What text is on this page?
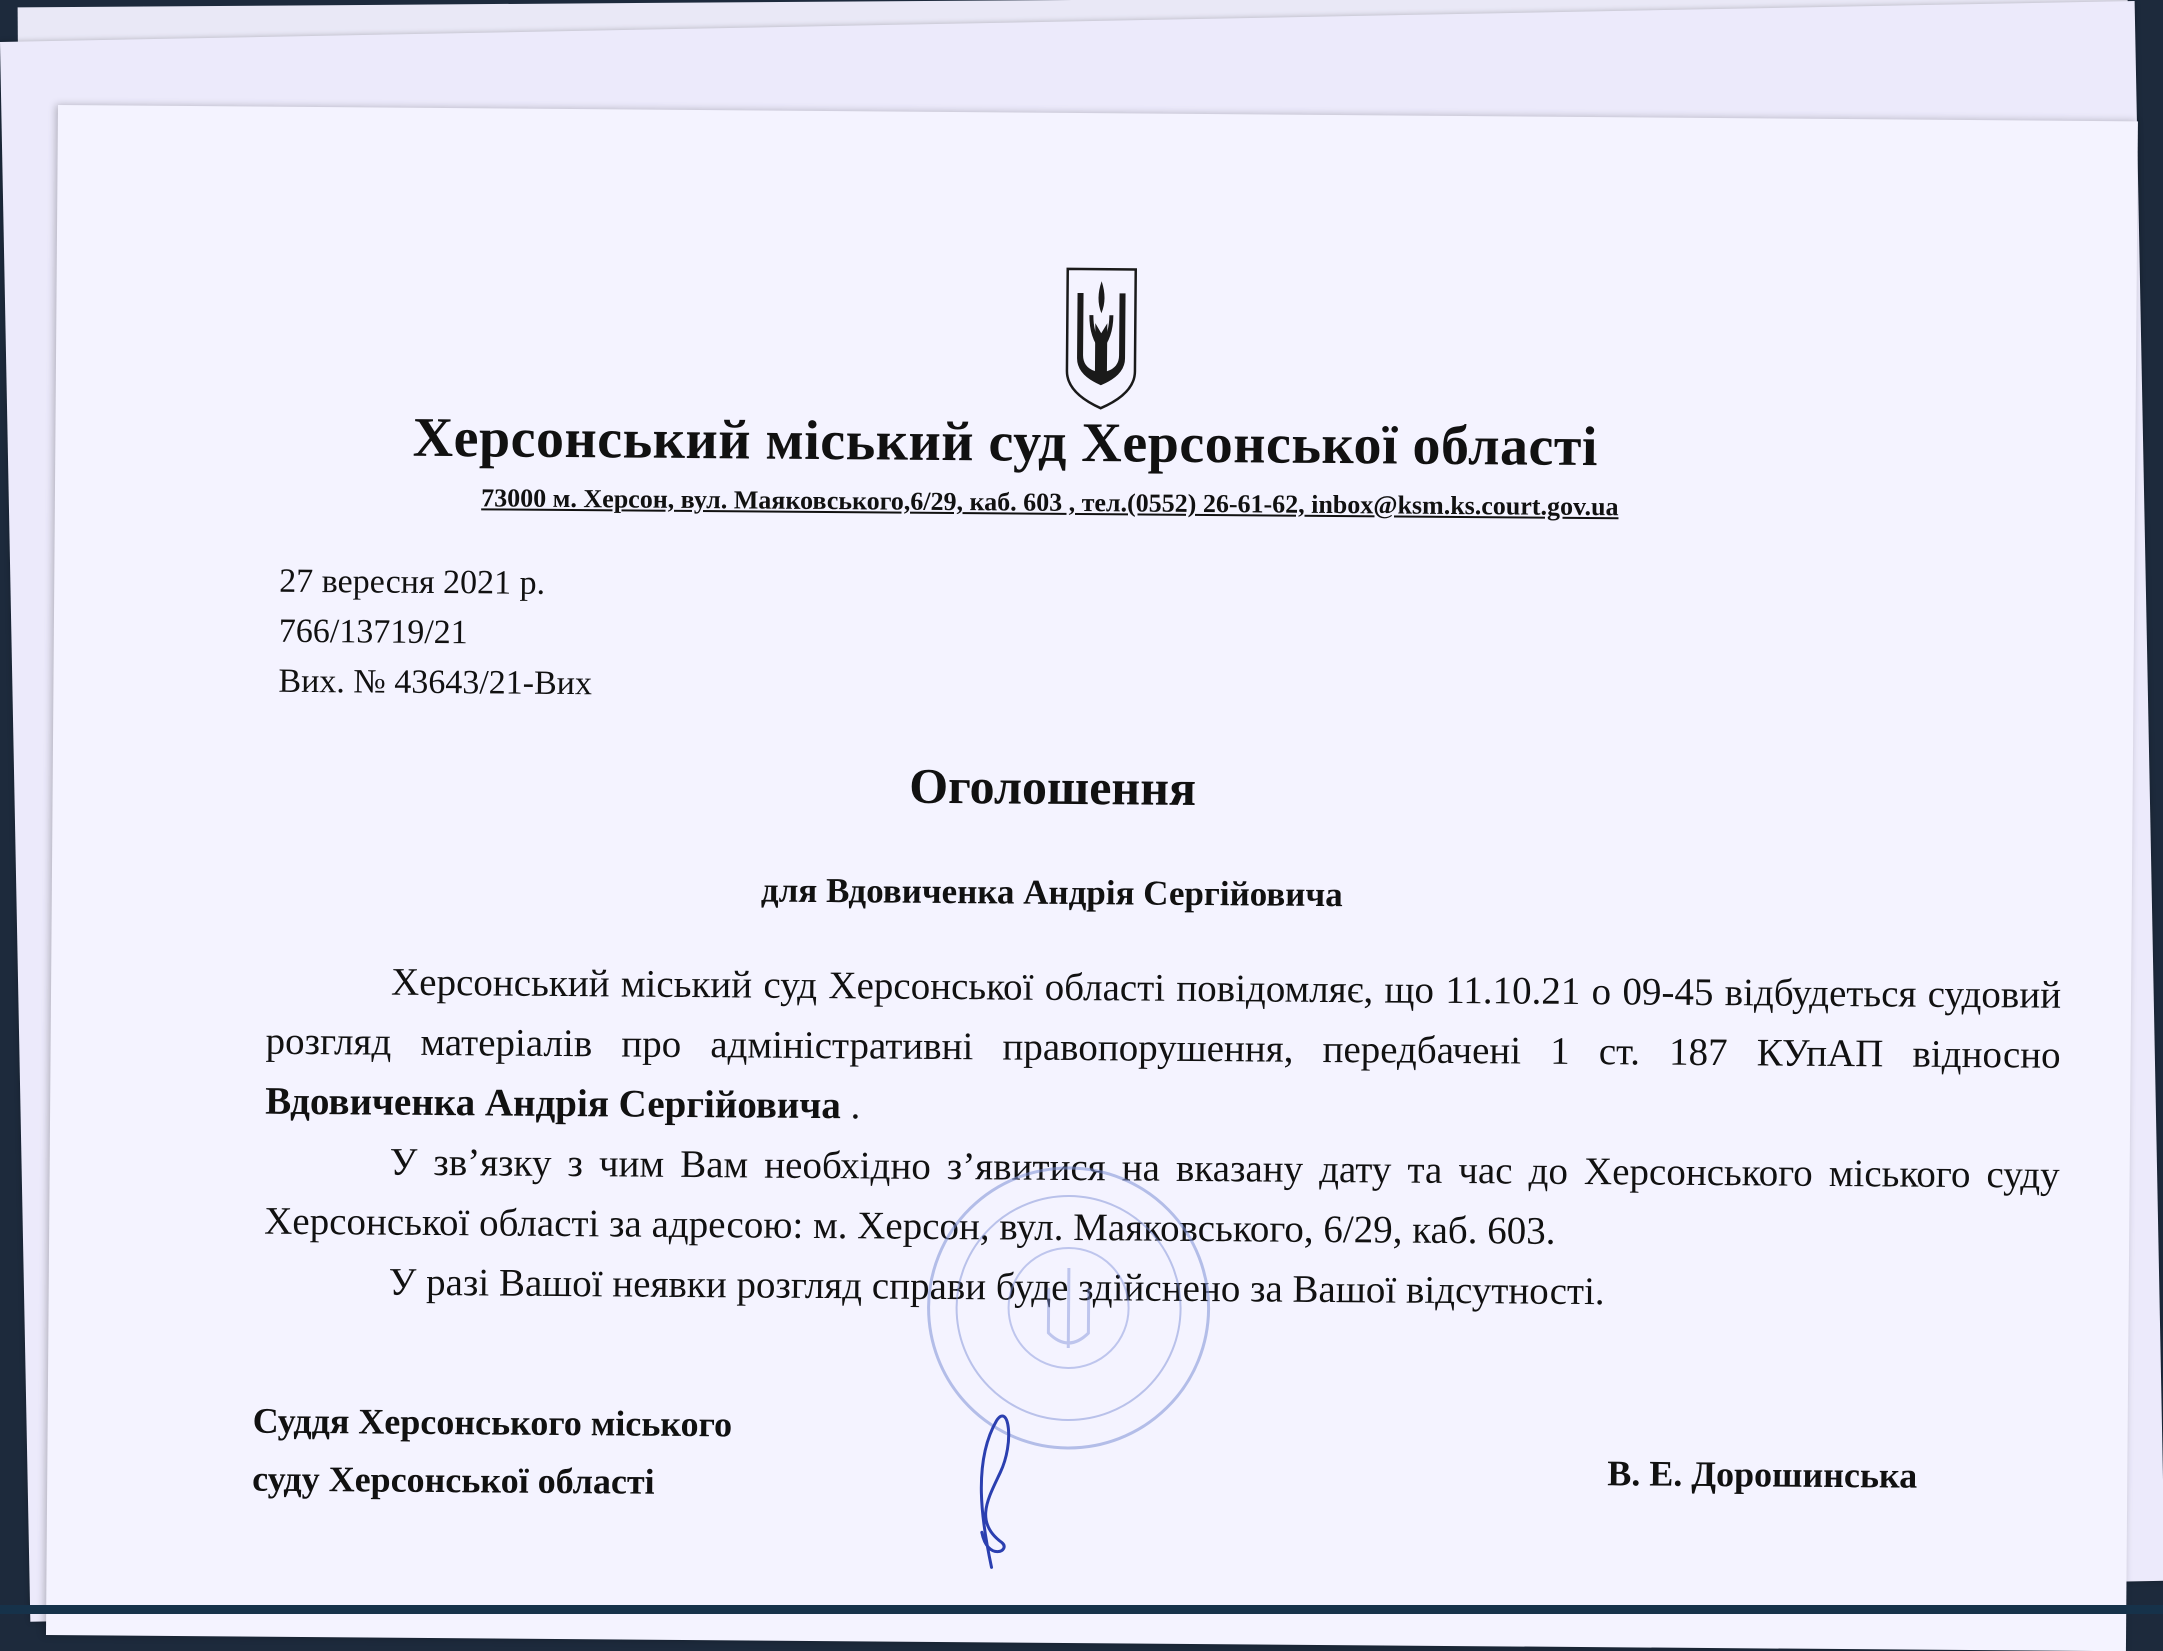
Херсонський міський суд Херсонської області
73000 м. Херсон, вул. Маяковського,6/29, каб. 603 , тел.(0552) 26-61-62, inbox@ksm.ks.court.gov.ua
27 вересня 2021 р.
766/13719/21
Вих. № 43643/21-Вих
Оголошення
для Вдовиченка Андрія Сергійовича

Херсонський міський суд Херсонської області повідомляє, що 11.10.21 о 09-45 відбудеться судовий розгляд матеріалів про адміністративні правопорушення, передбачені 1 ст. 187 КУпАП відносно Вдовиченка Андрія Сергійовича .

У зв’язку з чим Вам необхідно з’явитися на вказану дату та час до Херсонського міського суду Херсонської області за адресою: м. Херсон, вул. Маяковського, 6/29, каб. 603.

У разі Вашої неявки розгляд справи буде здійснено за Вашої відсутності.

Суддя Херсонського міського
суду Херсонської області	В. Е. Дорошинська
